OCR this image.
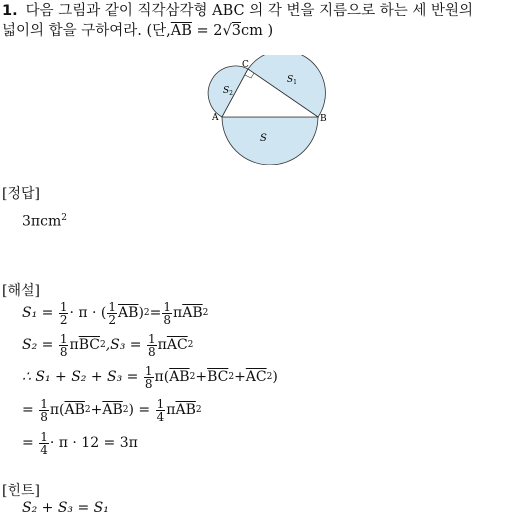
1. 다음 그림과 같이 직각삼각형 ABC 의 각 변을 지름으로 하는 세 반원의
넓이의 합을 구하여라. (단$,\overline{AB} = 2√3cm$ )
A	B
C
S
$S_2$
$S_1$
[정답]
3πcm$^2$
[해설]
S₁ =
$\frac{1}{2} \cdot \pi$ · ( $\frac{1}{2} \overline{AB}$ ) $2 = \frac{1}{8}$ π $\overline{AB}$ 2
S₂ =
$\frac{1}{8}$ π $\overline{BC}$ 2 ,S₃ =
$\frac{1}{8}$ π $\overline{AC}$ 2
∴ S₁ + S₂ + S₃ =
$\frac{1}{8} \pi$( $\overline{AB}$ $2 + \overline{BC}$ $2 + \overline{AC}$ 2 )
=
$\frac{1}{8} \pi$( $\overline{AB}$ $2 + \overline{AB}$ 2 ) =
$\frac{1}{4}$ π $\overline{AB}$ 2
=
$\frac{1}{4} \cdot \pi \cdot 12 = 3\pi$
[힌트]
S₂ + S₃ = S₁
